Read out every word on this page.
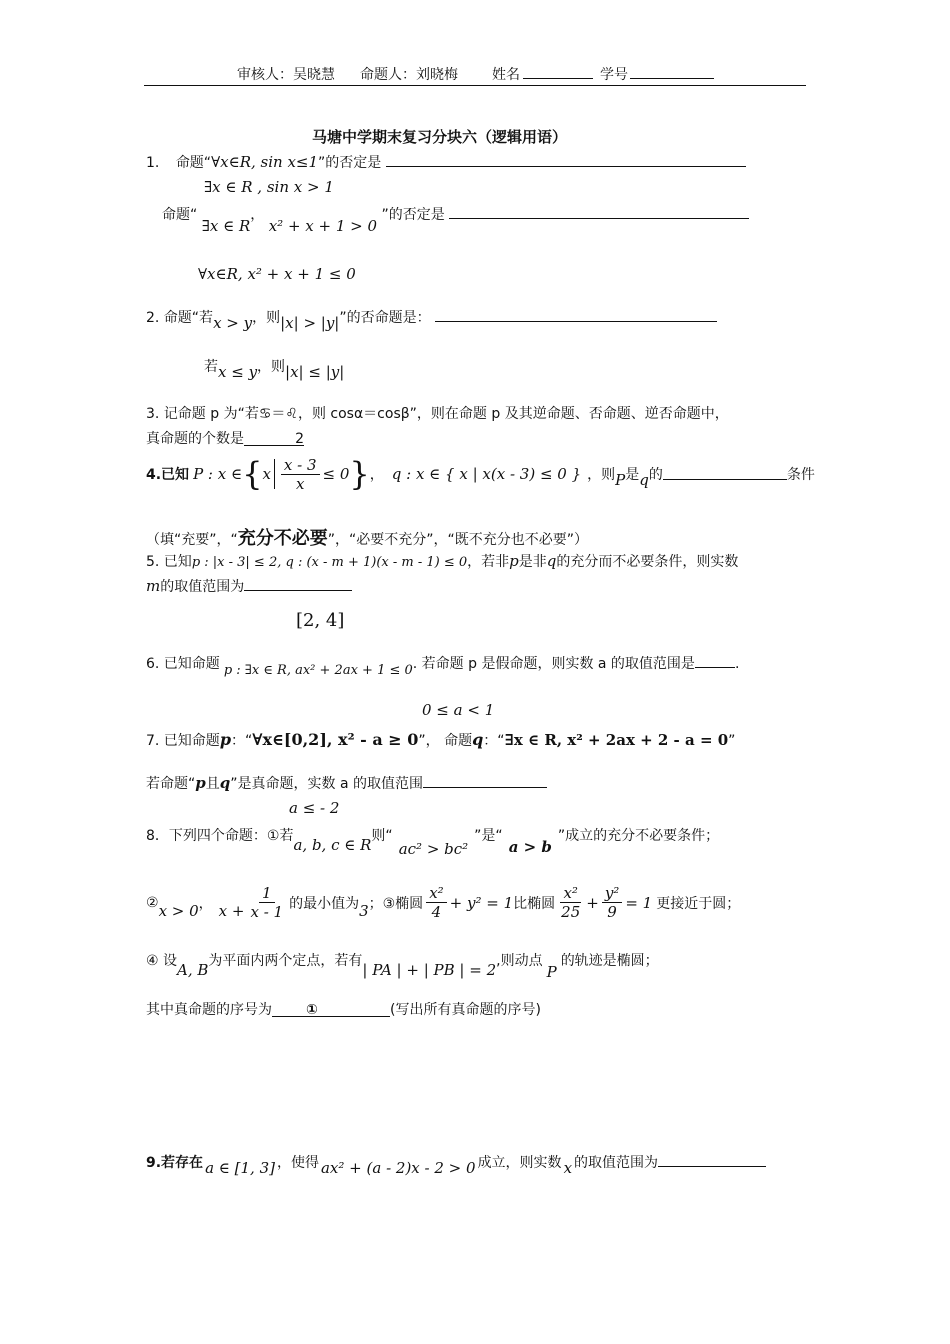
审核人：吴晓慧 命题人：刘晓梅 姓名	学号
马塘中学期末复习分块六（逻辑用语）
1. 命题“∀x∈R, sin x≤1”的否定是
∃x ∈ R , sin x > 1
命题“ ∃x ∈ R， x² + x + 1 > 0 ”的否定是
∀x∈R, x² + x + 1 ≤ 0
2. 命题“若x > y，则|x| > |y|”的否命题是：
若x ≤ y，则|x| ≤ |y|
3. 记命题 p 为“若♋＝♌，则 cosα＝cosβ”，则在命题 p 及其逆命题、否命题、逆否命题中，
真命题的个数是	2
4.已知 P : x ∈ { x $\frac{x - 3}{x} \le 0$ } ， q : x ∈ { x | x(x - 3) ≤ 0 } ，则 P 是 q 的	条件
（填“充要”，“充分不必要”，“必要不充分”，“既不充分也不必要”）
5. 已知p : |x - 3| ≤ 2, q : (x - m + 1)(x - m - 1) ≤ 0，若非p是非q的充分而不必要条件，则实数
m的取值范围为
[2, 4]
6. 已知命题 p : ∃x ∈ R, ax² + 2ax + 1 ≤ 0. 若命题 p 是假命题，则实数 a 的取值范围是	.
0 ≤ a < 1
7. 已知命题p：“∀x∈[0,2], x² - a ≥ 0”， 命题q：“∃x ∈ R, x² + 2ax + 2 - a = 0”
若命题“p且q”是真命题，实数 a 的取值范围
a ≤ - 2
8．下列四个命题：①若a, b, c ∈ R则“ac² > bc²”是“a > b”成立的充分不必要条件；
② x > 0 ， $x + \frac{1}{x - 1}$ 的最小值为 3 ；③椭圆 $\frac{\text{x²}}{4} + y^2 = 1$ 比椭圆 $\frac{\text{x²}}{25} + \frac{\text{y²}}{9} = 1$ 更接近于圆；
④ 设A, B为平面内两个定点，若有| PA | + | PB | = 2,则动点P的轨迹是椭圆；
其中真命题的序号为 ①	(写出所有真命题的序号)
9.若存在 a ∈ [1, 3] ，使得 ax² + (a - 2)x - 2 > 0 成立，则实数 x 的取值范围为
